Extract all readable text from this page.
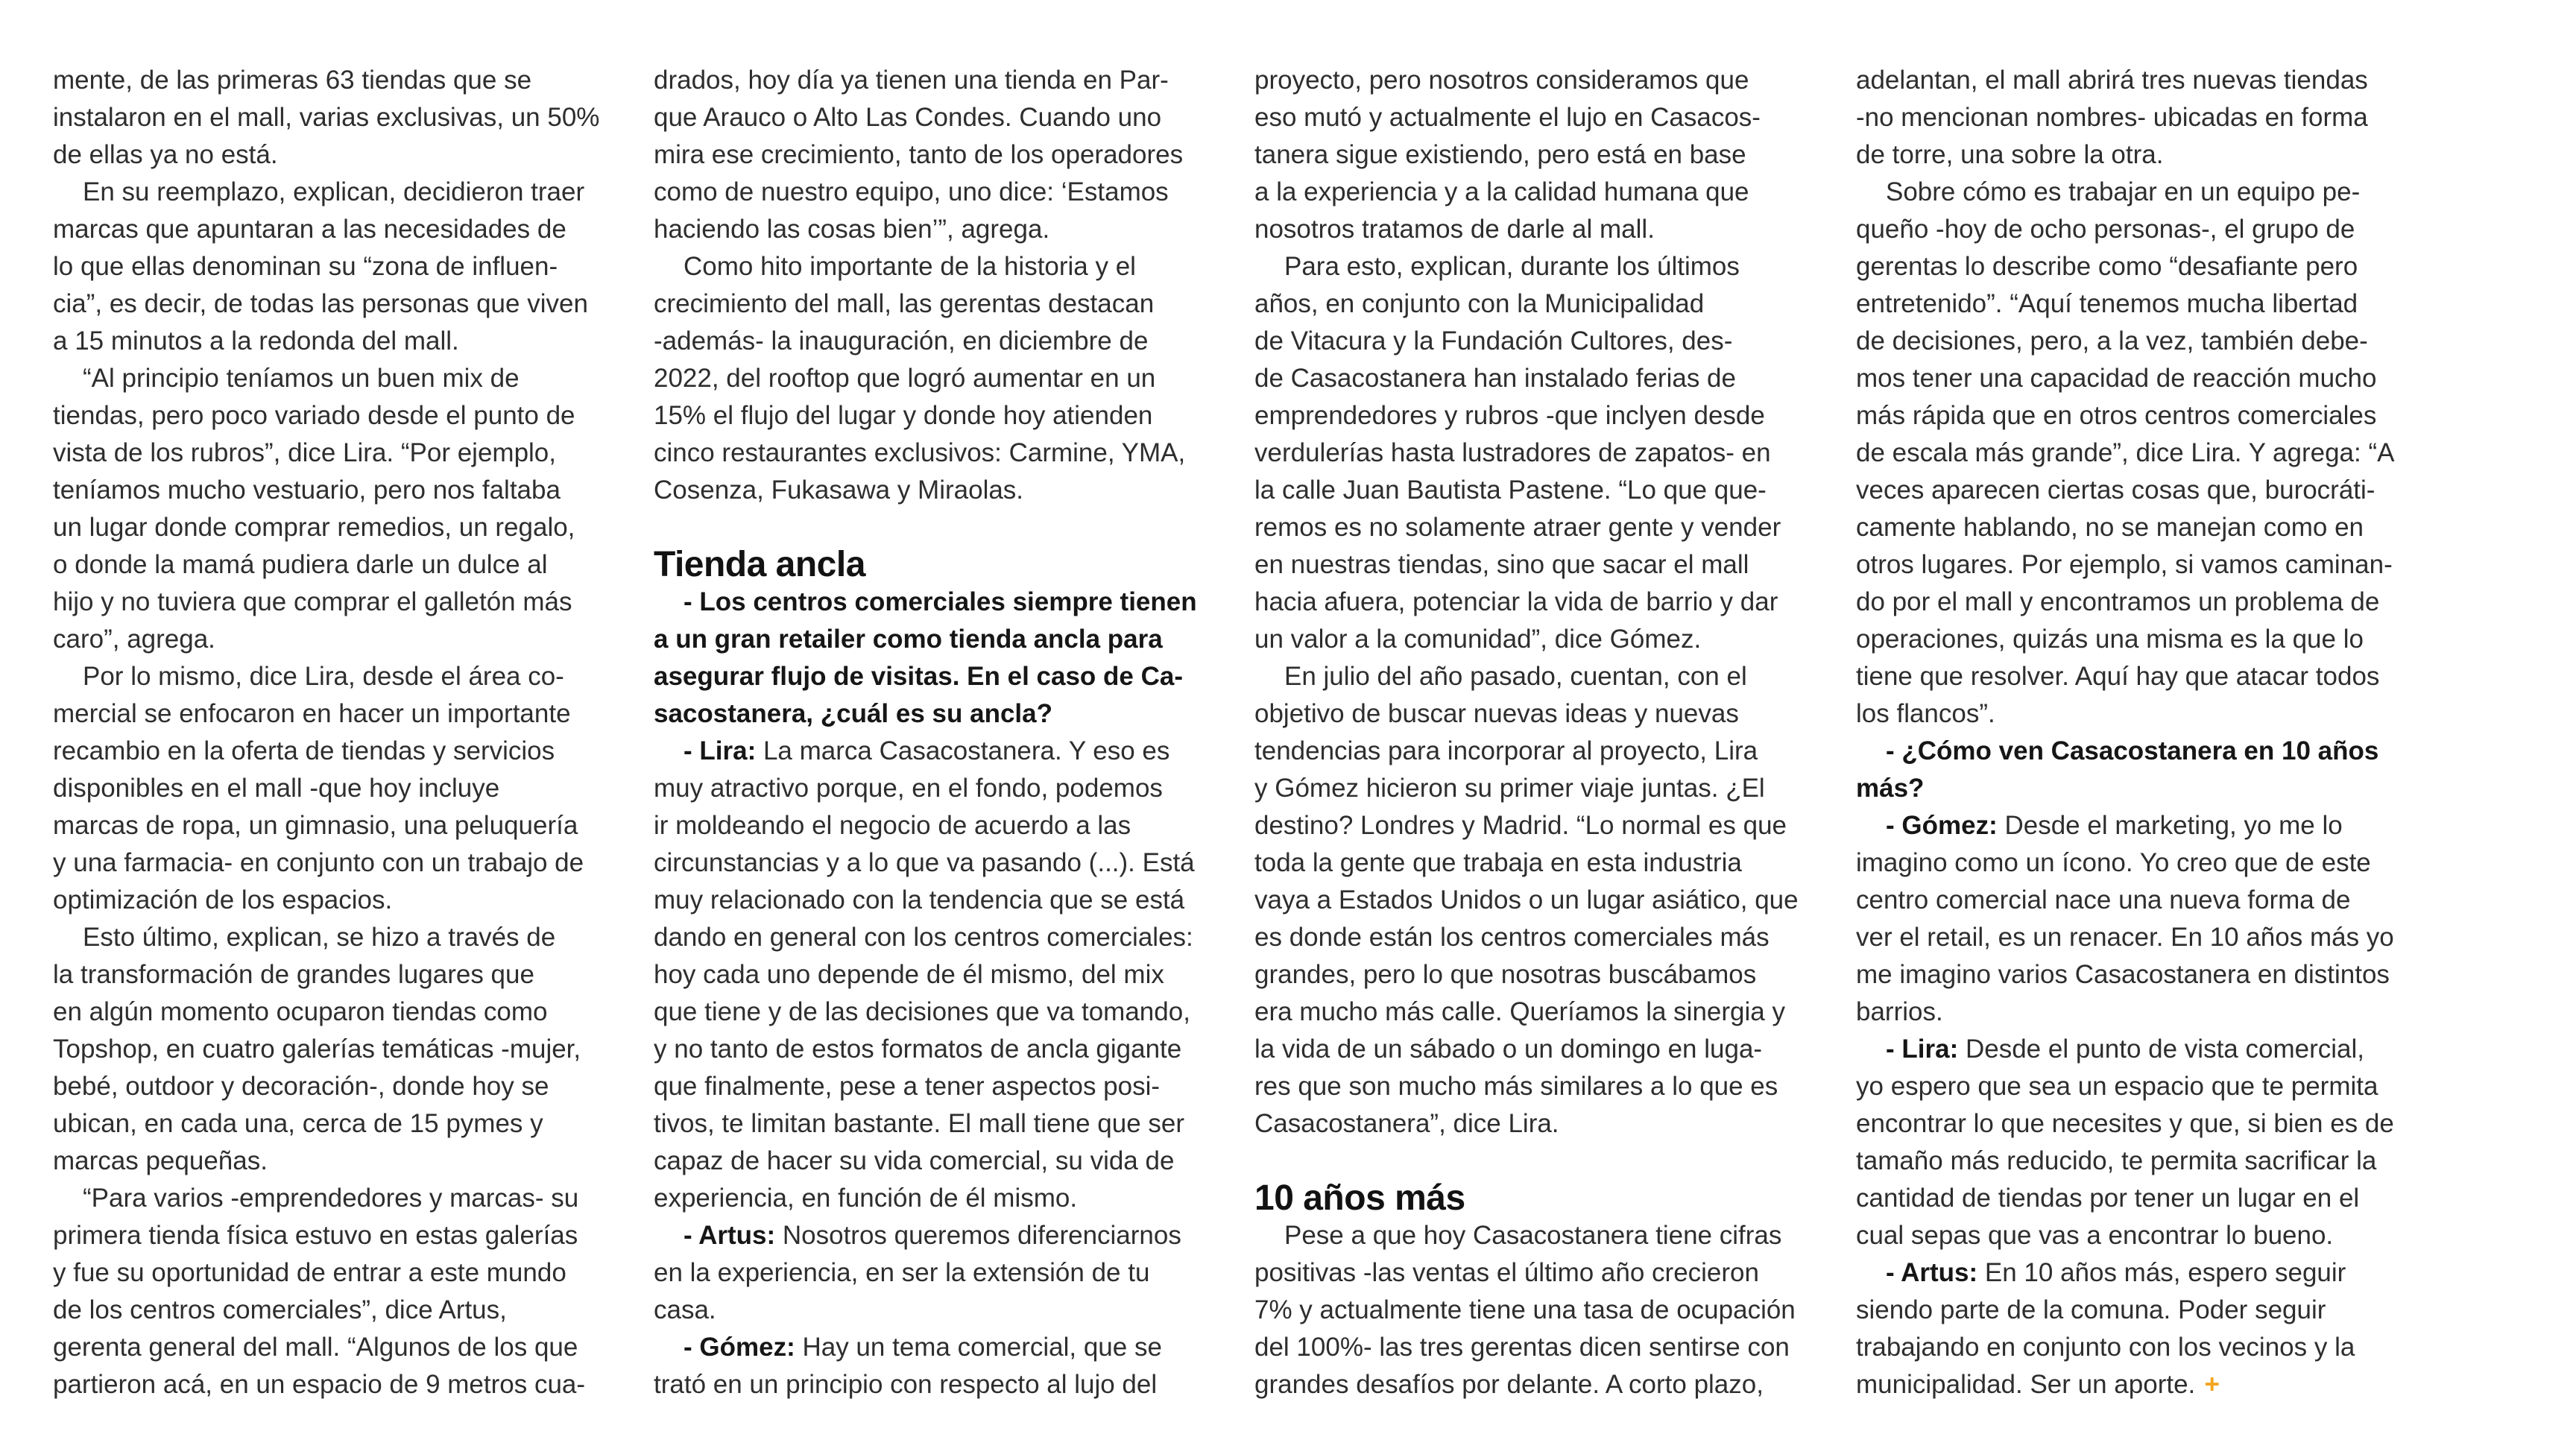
mente, de las primeras 63 tiendas que se
instalaron en el mall, varias exclusivas, un 50%
de ellas ya no está.
En su reemplazo, explican, decidieron traer
marcas que apuntaran a las necesidades de
lo que ellas denominan su “zona de influen-
cia”, es decir, de todas las personas que viven
a 15 minutos a la redonda del mall.
“Al principio teníamos un buen mix de
tiendas, pero poco variado desde el punto de
vista de los rubros”, dice Lira. “Por ejemplo,
teníamos mucho vestuario, pero nos faltaba
un lugar donde comprar remedios, un regalo,
o donde la mamá pudiera darle un dulce al
hijo y no tuviera que comprar el galletón más
caro”, agrega.
Por lo mismo, dice Lira, desde el área co-
mercial se enfocaron en hacer un importante
recambio en la oferta de tiendas y servicios
disponibles en el mall -que hoy incluye
marcas de ropa, un gimnasio, una peluquería
y una farmacia- en conjunto con un trabajo de
optimización de los espacios.
Esto último, explican, se hizo a través de
la transformación de grandes lugares que
en algún momento ocuparon tiendas como
Topshop, en cuatro galerías temáticas -mujer,
bebé, outdoor y decoración-, donde hoy se
ubican, en cada una, cerca de 15 pymes y
marcas pequeñas.
“Para varios -emprendedores y marcas- su
primera tienda física estuvo en estas galerías
y fue su oportunidad de entrar a este mundo
de los centros comerciales”, dice Artus,
gerenta general del mall. “Algunos de los que
partieron acá, en un espacio de 9 metros cua-
drados, hoy día ya tienen una tienda en Par-
que Arauco o Alto Las Condes. Cuando uno
mira ese crecimiento, tanto de los operadores
como de nuestro equipo, uno dice: ‘Estamos
haciendo las cosas bien’”, agrega.
Como hito importante de la historia y el
crecimiento del mall, las gerentas destacan
-además- la inauguración, en diciembre de
2022, del rooftop que logró aumentar en un
15% el flujo del lugar y donde hoy atienden
cinco restaurantes exclusivos: Carmine, YMA,
Cosenza, Fukasawa y Miraolas.
Tienda ancla
- Los centros comerciales siempre tienen
a un gran retailer como tienda ancla para
asegurar flujo de visitas. En el caso de Ca-
sacostanera, ¿cuál es su ancla?
- Lira: La marca Casacostanera. Y eso es
muy atractivo porque, en el fondo, podemos
ir moldeando el negocio de acuerdo a las
circunstancias y a lo que va pasando (...). Está
muy relacionado con la tendencia que se está
dando en general con los centros comerciales:
hoy cada uno depende de él mismo, del mix
que tiene y de las decisiones que va tomando,
y no tanto de estos formatos de ancla gigante
que finalmente, pese a tener aspectos posi-
tivos, te limitan bastante. El mall tiene que ser
capaz de hacer su vida comercial, su vida de
experiencia, en función de él mismo.
- Artus: Nosotros queremos diferenciarnos
en la experiencia, en ser la extensión de tu
casa.
- Gómez: Hay un tema comercial, que se
trató en un principio con respecto al lujo del
proyecto, pero nosotros consideramos que
eso mutó y actualmente el lujo en Casacos-
tanera sigue existiendo, pero está en base
a la experiencia y a la calidad humana que
nosotros tratamos de darle al mall.
Para esto, explican, durante los últimos
años, en conjunto con la Municipalidad
de Vitacura y la Fundación Cultores, des-
de Casacostanera han instalado ferias de
emprendedores y rubros -que inclyen desde
verdulerías hasta lustradores de zapatos- en
la calle Juan Bautista Pastene. “Lo que que-
remos es no solamente atraer gente y vender
en nuestras tiendas, sino que sacar el mall
hacia afuera, potenciar la vida de barrio y dar
un valor a la comunidad”, dice Gómez.
En julio del año pasado, cuentan, con el
objetivo de buscar nuevas ideas y nuevas
tendencias para incorporar al proyecto, Lira
y Gómez hicieron su primer viaje juntas. ¿El
destino? Londres y Madrid. “Lo normal es que
toda la gente que trabaja en esta industria
vaya a Estados Unidos o un lugar asiático, que
es donde están los centros comerciales más
grandes, pero lo que nosotras buscábamos
era mucho más calle. Queríamos la sinergia y
la vida de un sábado o un domingo en luga-
res que son mucho más similares a lo que es
Casacostanera”, dice Lira.
10 años más
Pese a que hoy Casacostanera tiene cifras
positivas -las ventas el último año crecieron
7% y actualmente tiene una tasa de ocupación
del 100%- las tres gerentas dicen sentirse con
grandes desafíos por delante. A corto plazo,
adelantan, el mall abrirá tres nuevas tiendas
-no mencionan nombres- ubicadas en forma
de torre, una sobre la otra.
Sobre cómo es trabajar en un equipo pe-
queño -hoy de ocho personas-, el grupo de
gerentas lo describe como “desafiante pero
entretenido”. “Aquí tenemos mucha libertad
de decisiones, pero, a la vez, también debe-
mos tener una capacidad de reacción mucho
más rápida que en otros centros comerciales
de escala más grande”, dice Lira. Y agrega: “A
veces aparecen ciertas cosas que, burocráti-
camente hablando, no se manejan como en
otros lugares. Por ejemplo, si vamos caminan-
do por el mall y encontramos un problema de
operaciones, quizás una misma es la que lo
tiene que resolver. Aquí hay que atacar todos
los flancos”.
- ¿Cómo ven Casacostanera en 10 años
más?
- Gómez: Desde el marketing, yo me lo
imagino como un ícono. Yo creo que de este
centro comercial nace una nueva forma de
ver el retail, es un renacer. En 10 años más yo
me imagino varios Casacostanera en distintos
barrios.
- Lira: Desde el punto de vista comercial,
yo espero que sea un espacio que te permita
encontrar lo que necesites y que, si bien es de
tamaño más reducido, te permita sacrificar la
cantidad de tiendas por tener un lugar en el
cual sepas que vas a encontrar lo bueno.
- Artus: En 10 años más, espero seguir
siendo parte de la comuna. Poder seguir
trabajando en conjunto con los vecinos y la
municipalidad. Ser un aporte. +
